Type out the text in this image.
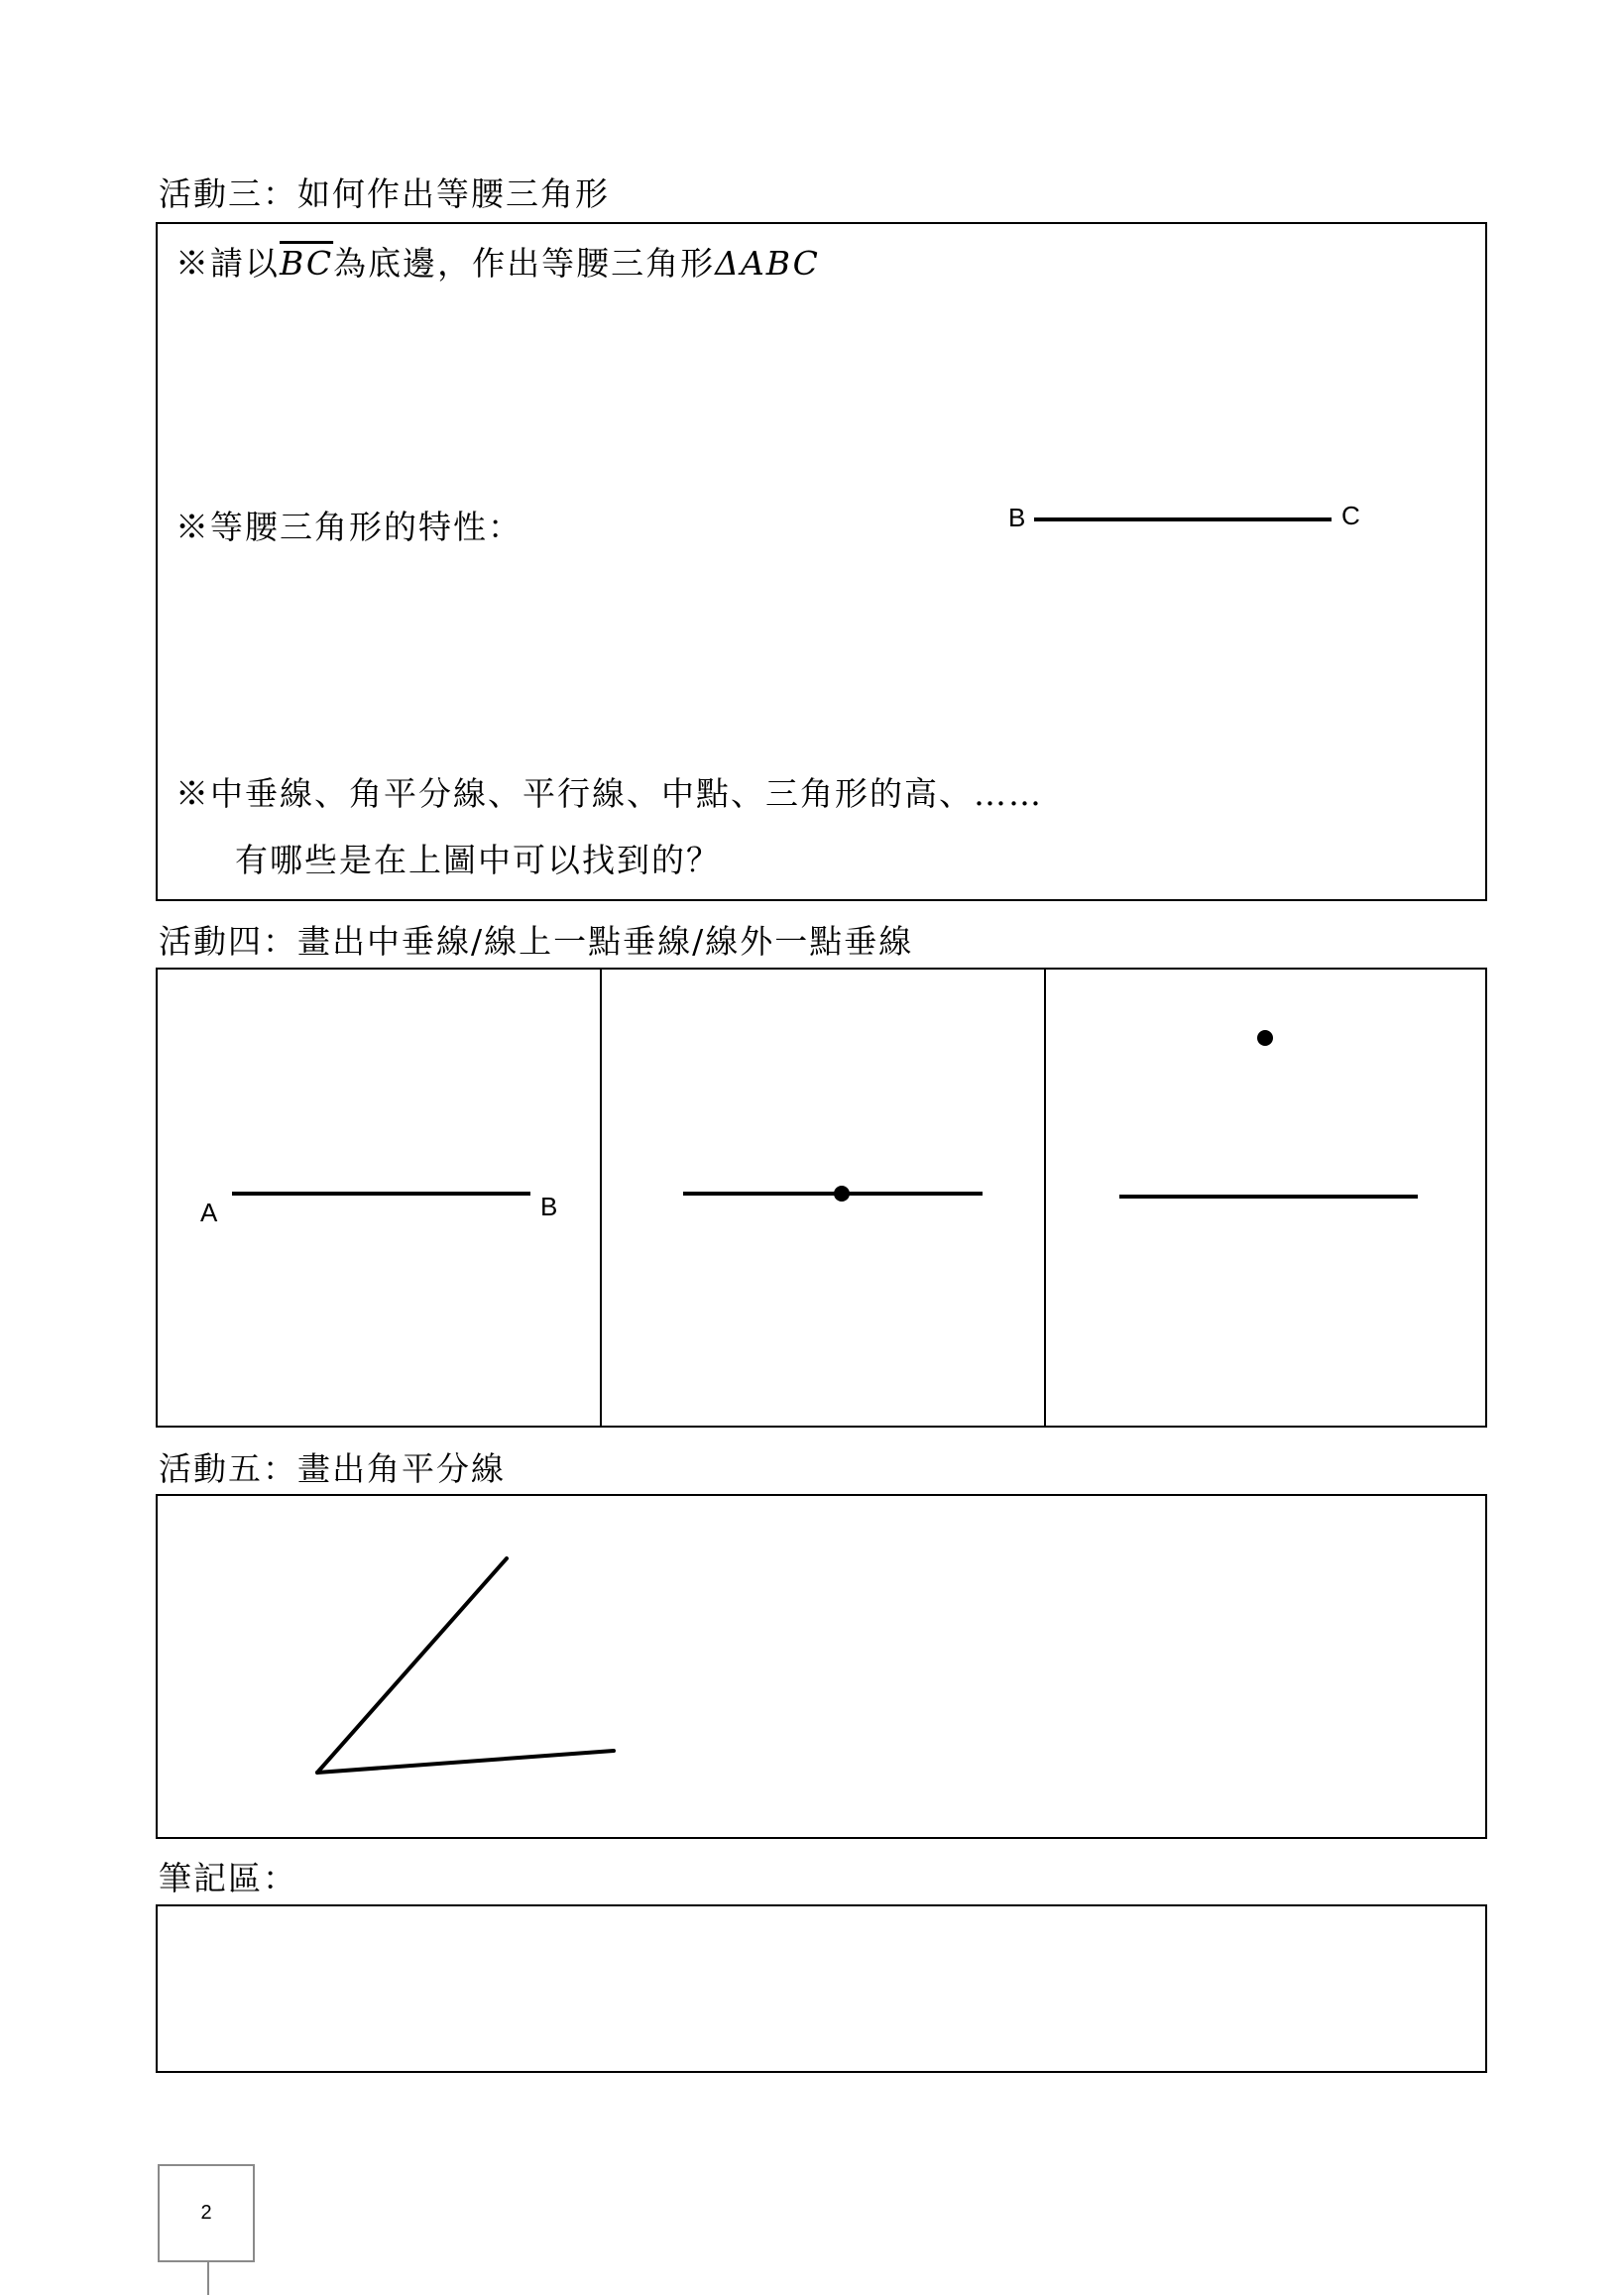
活動三：如何作出等腰三角形
※請以$\overline{BC}$為底邊，作出等腰三角形ΔABC
B	C
※等腰三角形的特性：
※中垂線、角平分線、平行線、中點、三角形的高、……
有哪些是在上圖中可以找到的？
活動四：畫出中垂線/線上一點垂線/線外一點垂線
A	B
活動五：畫出角平分線
筆記區：
2
